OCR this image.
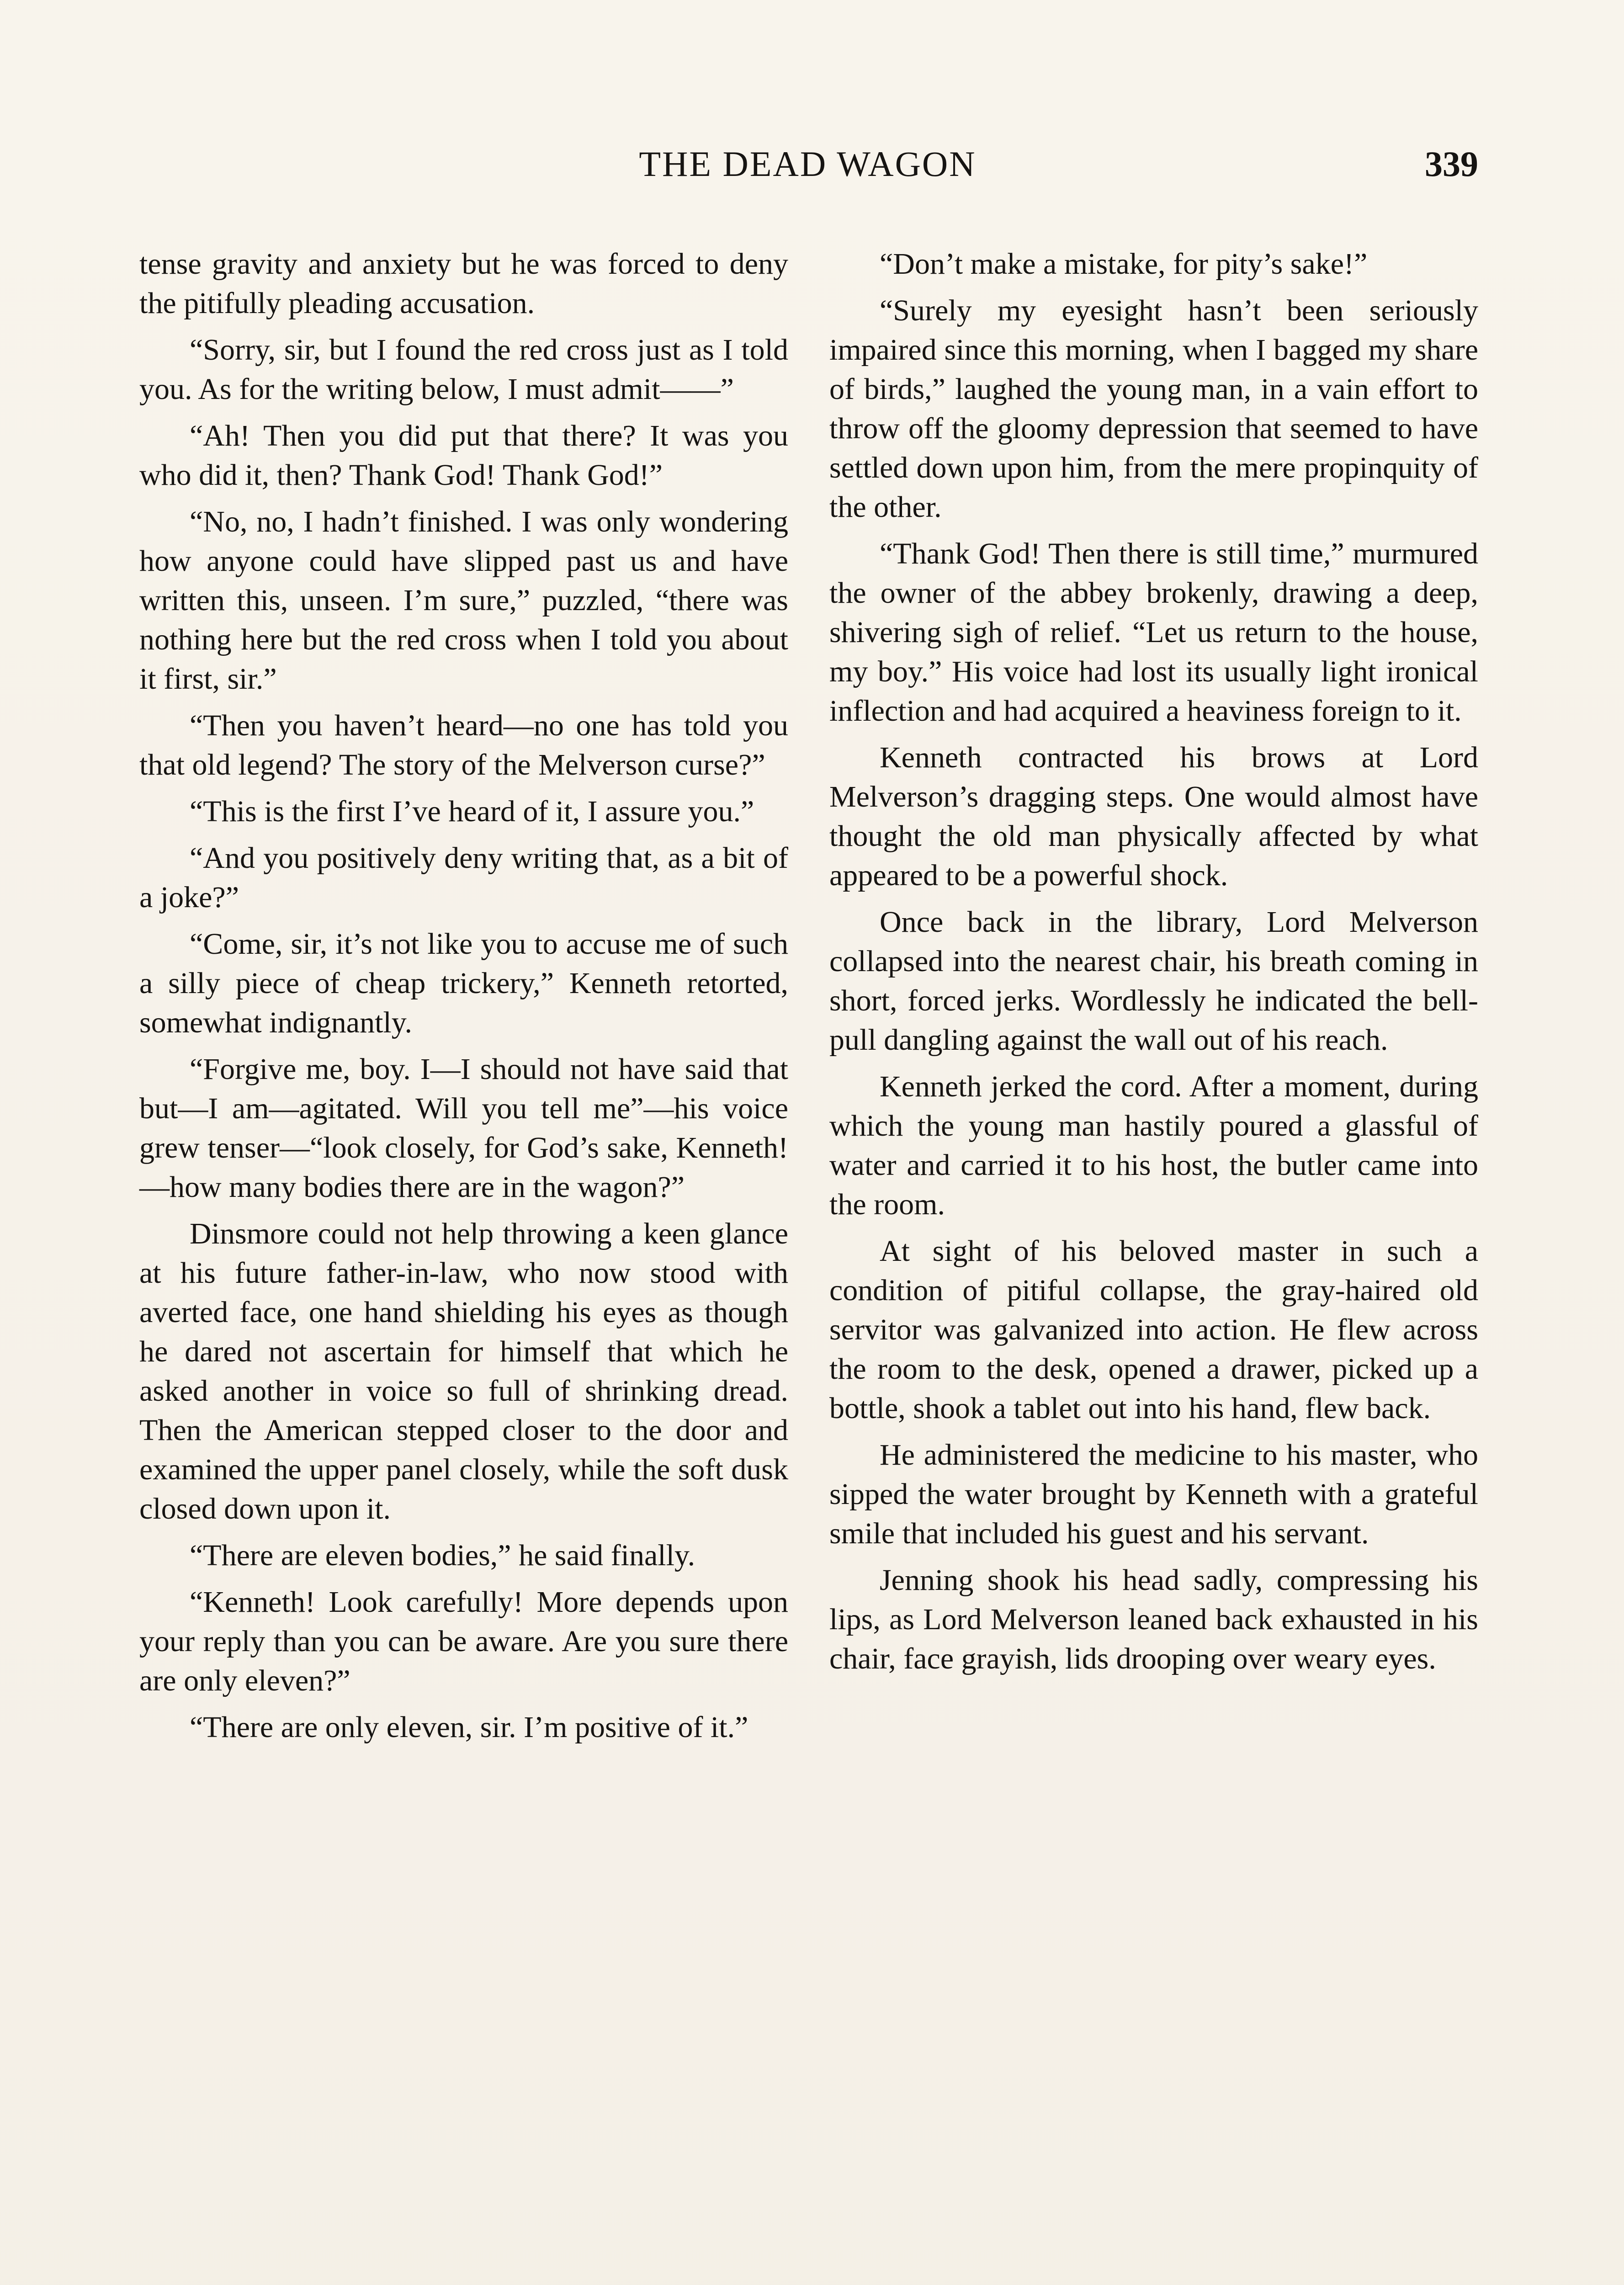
THE DEAD WAGON	339

tense gravity and anxiety but he was forced to deny the pitifully pleading accusation.

“Sorry, sir, but I found the red cross just as I told you. As for the writing below, I must admit——”

“Ah! Then you did put that there? It was you who did it, then? Thank God! Thank God!”

“No, no, I hadn’t finished. I was only wondering how anyone could have slipped past us and have written this, unseen. I’m sure,” puzzled, “there was nothing here but the red cross when I told you about it first, sir.”

“Then you haven’t heard—no one has told you that old legend? The story of the Melverson curse?”

“This is the first I’ve heard of it, I assure you.”

“And you positively deny writing that, as a bit of a joke?”

“Come, sir, it’s not like you to accuse me of such a silly piece of cheap trickery,” Kenneth retorted, somewhat indignantly.

“Forgive me, boy. I—I should not have said that but—I am—agitated. Will you tell me”—his voice grew tenser—“look closely, for God’s sake, Kenneth!—how many bodies there are in the wagon?”

Dinsmore could not help throwing a keen glance at his future father-in-law, who now stood with averted face, one hand shielding his eyes as though he dared not ascertain for himself that which he asked another in voice so full of shrinking dread. Then the American stepped closer to the door and examined the upper panel closely, while the soft dusk closed down upon it.

“There are eleven bodies,” he said finally.

“Kenneth! Look carefully! More depends upon your reply than you can be aware. Are you sure there are only eleven?”

“There are only eleven, sir. I’m positive of it.”

“Don’t make a mistake, for pity’s sake!”

“Surely my eyesight hasn’t been seriously impaired since this morning, when I bagged my share of birds,” laughed the young man, in a vain effort to throw off the gloomy depression that seemed to have settled down upon him, from the mere propinquity of the other.

“Thank God! Then there is still time,” murmured the owner of the abbey brokenly, drawing a deep, shivering sigh of relief. “Let us return to the house, my boy.” His voice had lost its usually light ironical inflection and had acquired a heaviness foreign to it.

Kenneth contracted his brows at Lord Melverson’s dragging steps. One would almost have thought the old man physically affected by what appeared to be a powerful shock.

Once back in the library, Lord Melverson collapsed into the nearest chair, his breath coming in short, forced jerks. Wordlessly he indicated the bell-pull dangling against the wall out of his reach.

Kenneth jerked the cord. After a moment, during which the young man hastily poured a glassful of water and carried it to his host, the butler came into the room.

At sight of his beloved master in such a condition of pitiful collapse, the gray-haired old servitor was galvanized into action. He flew across the room to the desk, opened a drawer, picked up a bottle, shook a tablet out into his hand, flew back.

He administered the medicine to his master, who sipped the water brought by Kenneth with a grateful smile that included his guest and his servant.

Jenning shook his head sadly, compressing his lips, as Lord Melverson leaned back exhausted in his chair, face grayish, lids drooping over weary eyes.
